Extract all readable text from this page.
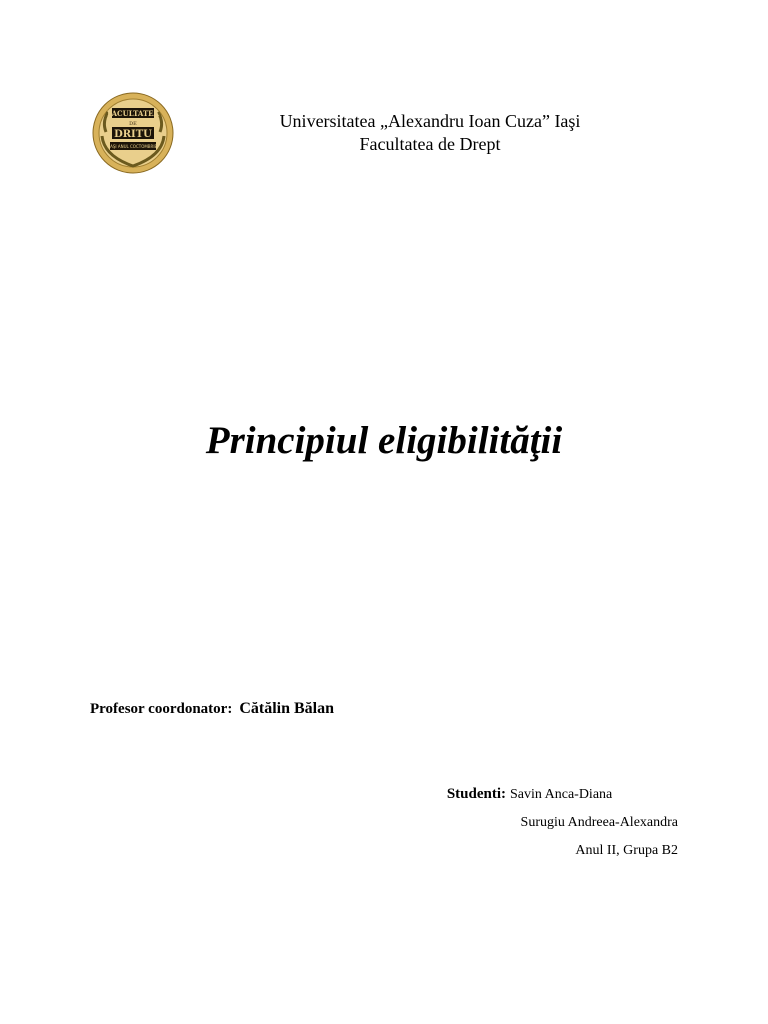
FACULTATEA
DE
DRITU
IAŞI ANUL COCTOMBRIE
Universitatea „Alexandru Ioan Cuza” Iaşi
Facultatea de Drept
Principiul eligibilităţii
Profesor coordonator: Cătălin Bălan
Studenti: Savin Anca-Diana
Surugiu Andreea-Alexandra
Anul II, Grupa B2
